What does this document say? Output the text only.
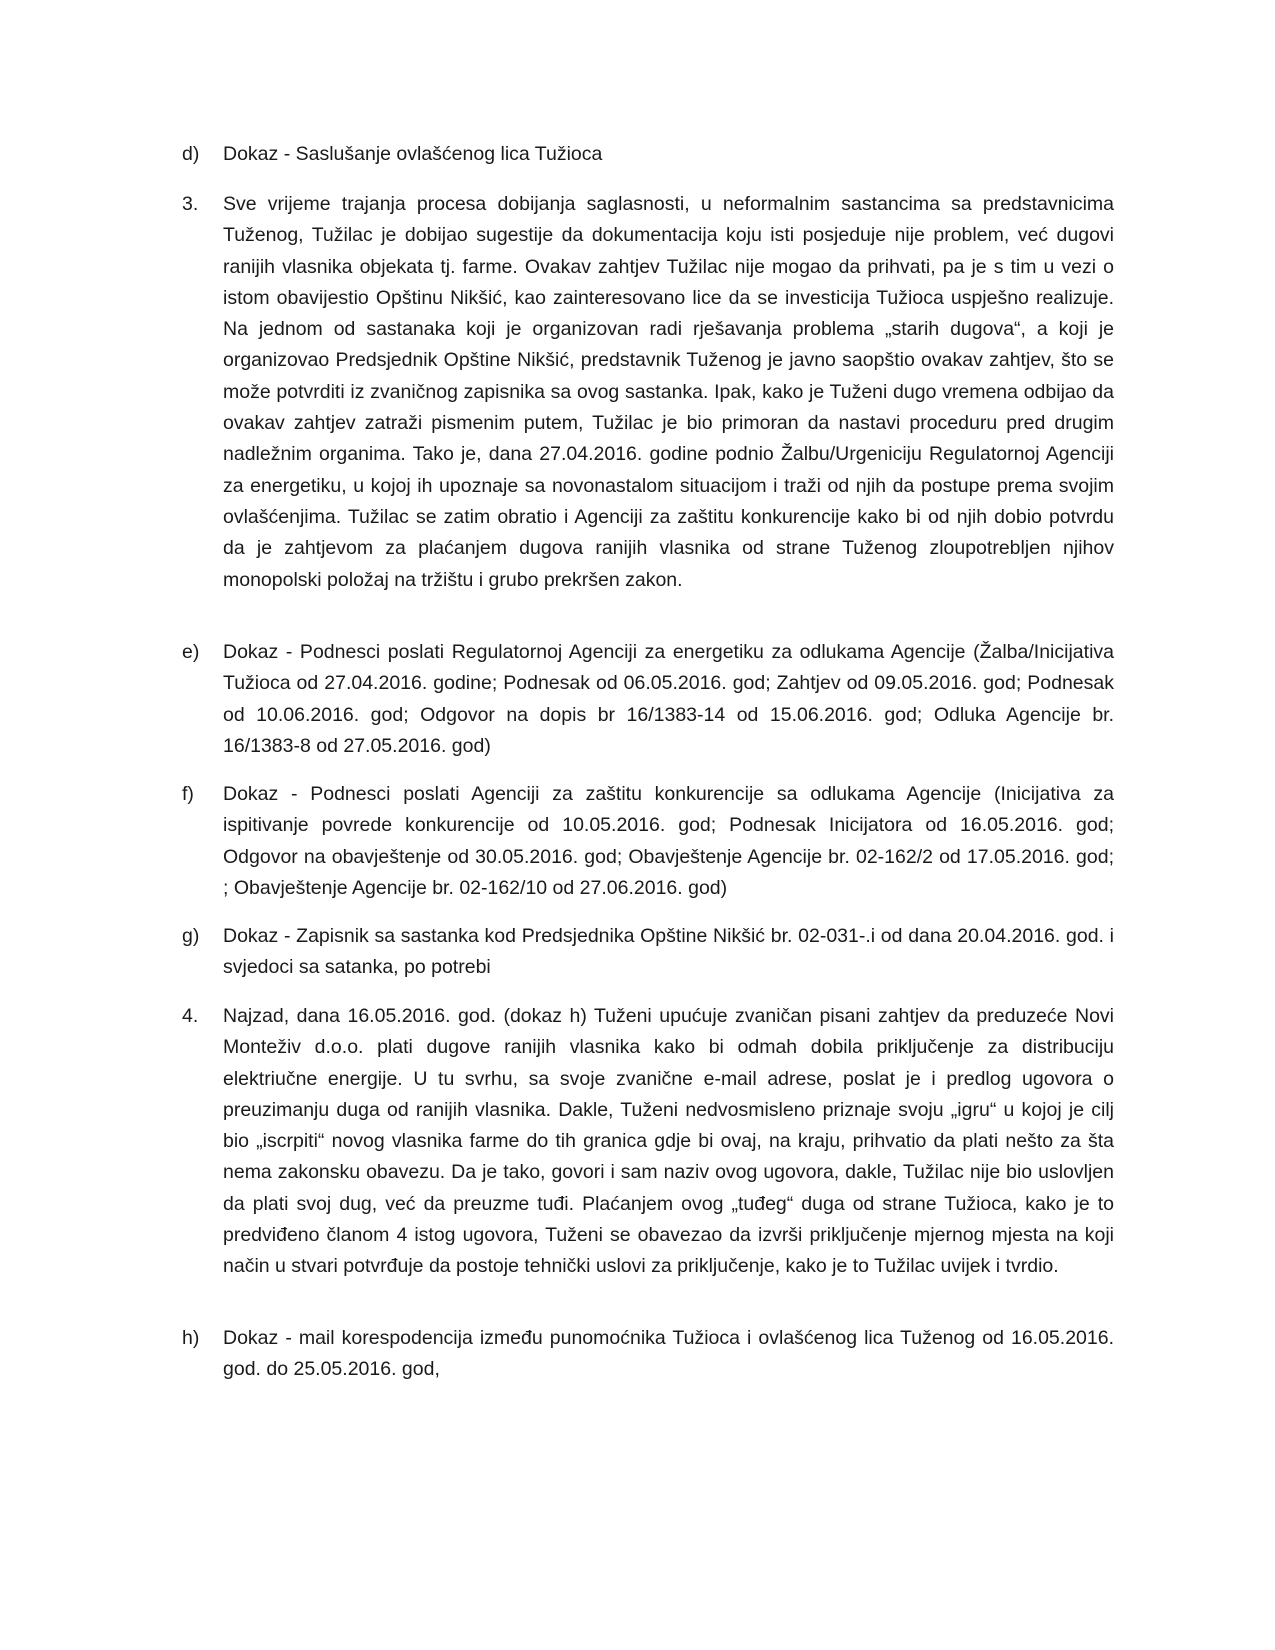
d)	Dokaz - Saslušanje ovlašćenog lica Tužioca
3.	Sve vrijeme trajanja procesa dobijanja saglasnosti, u neformalnim sastancima sa predstavnicima Tuženog, Tužilac je dobijao sugestije da dokumentacija koju isti posjeduje nije problem, već dugovi ranijih vlasnika objekata tj. farme. Ovakav zahtjev Tužilac nije mogao da prihvati, pa je s tim u vezi o istom obavijestio Opštinu Nikšić, kao zainteresovano lice da se investicija Tužioca uspješno realizuje. Na jednom od sastanaka koji je organizovan radi rješavanja problema „starih dugova“, a koji je organizovao Predsjednik Opštine Nikšić, predstavnik Tuženog je javno saopštio ovakav zahtjev, što se može potvrditi iz zvaničnog zapisnika sa ovog sastanka. Ipak, kako je Tuženi dugo vremena odbijao da ovakav zahtjev zatraži pismenim putem, Tužilac je bio primoran da nastavi proceduru pred drugim nadležnim organima. Tako je, dana 27.04.2016. godine podnio Žalbu/Urgeniciju Regulatornoj Agenciji za energetiku, u kojoj ih upoznaje sa novonastalom situacijom i traži od njih da postupe prema svojim ovlašćenjima. Tužilac se zatim obratio i Agenciji za zaštitu konkurencije kako bi od njih dobio potvrdu da je zahtjevom za plaćanjem dugova ranijih vlasnika od strane Tuženog zloupotrebljen njihov monopolski položaj na tržištu i grubo prekršen zakon.
e)	Dokaz - Podnesci poslati Regulatornoj Agenciji za energetiku za odlukama Agencije (Žalba/Inicijativa Tužioca od 27.04.2016. godine; Podnesak od 06.05.2016. god; Zahtjev od 09.05.2016. god; Podnesak od 10.06.2016. god; Odgovor na dopis br 16/1383-14 od 15.06.2016. god; Odluka Agencije br. 16/1383-8 od 27.05.2016. god)
f)	Dokaz - Podnesci poslati Agenciji za zaštitu konkurencije sa odlukama Agencije (Inicijativa za ispitivanje povrede konkurencije od 10.05.2016. god; Podnesak Inicijatora od 16.05.2016. god; Odgovor na obavještenje od 30.05.2016. god; Obavještenje Agencije br. 02-162/2 od 17.05.2016. god; ; Obavještenje Agencije br. 02-162/10 od 27.06.2016. god)
g)	Dokaz - Zapisnik sa sastanka kod Predsjednika Opštine Nikšić br. 02-031-.i od dana 20.04.2016. god. i svjedoci sa satanka, po potrebi
4.	Najzad, dana 16.05.2016. god. (dokaz h) Tuženi upućuje zvaničan pisani zahtjev da preduzeće Novi Monteživ d.o.o. plati dugove ranijih vlasnika kako bi odmah dobila priključenje za distribuciju elektriučne energije. U tu svrhu, sa svoje zvanične e-mail adrese, poslat je i predlog ugovora o preuzimanju duga od ranijih vlasnika. Dakle, Tuženi nedvosmisleno priznaje svoju „igru“ u kojoj je cilj bio „iscrpiti“ novog vlasnika farme do tih granica gdje bi ovaj, na kraju, prihvatio da plati nešto za šta nema zakonsku obavezu. Da je tako, govori i sam naziv ovog ugovora, dakle, Tužilac nije bio uslovljen da plati svoj dug, već da preuzme tuđi. Plaćanjem ovog „tuđeg“ duga od strane Tužioca, kako je to predviđeno članom 4 istog ugovora, Tuženi se obavezao da izvrši priključenje mjernog mjesta na koji način u stvari potvrđuje da postoje tehnički uslovi za priključenje, kako je to Tužilac uvijek i tvrdio.
h)	Dokaz - mail korespodencija između punomoćnika Tužioca i ovlašćenog lica Tuženog od 16.05.2016. god. do 25.05.2016. god,
